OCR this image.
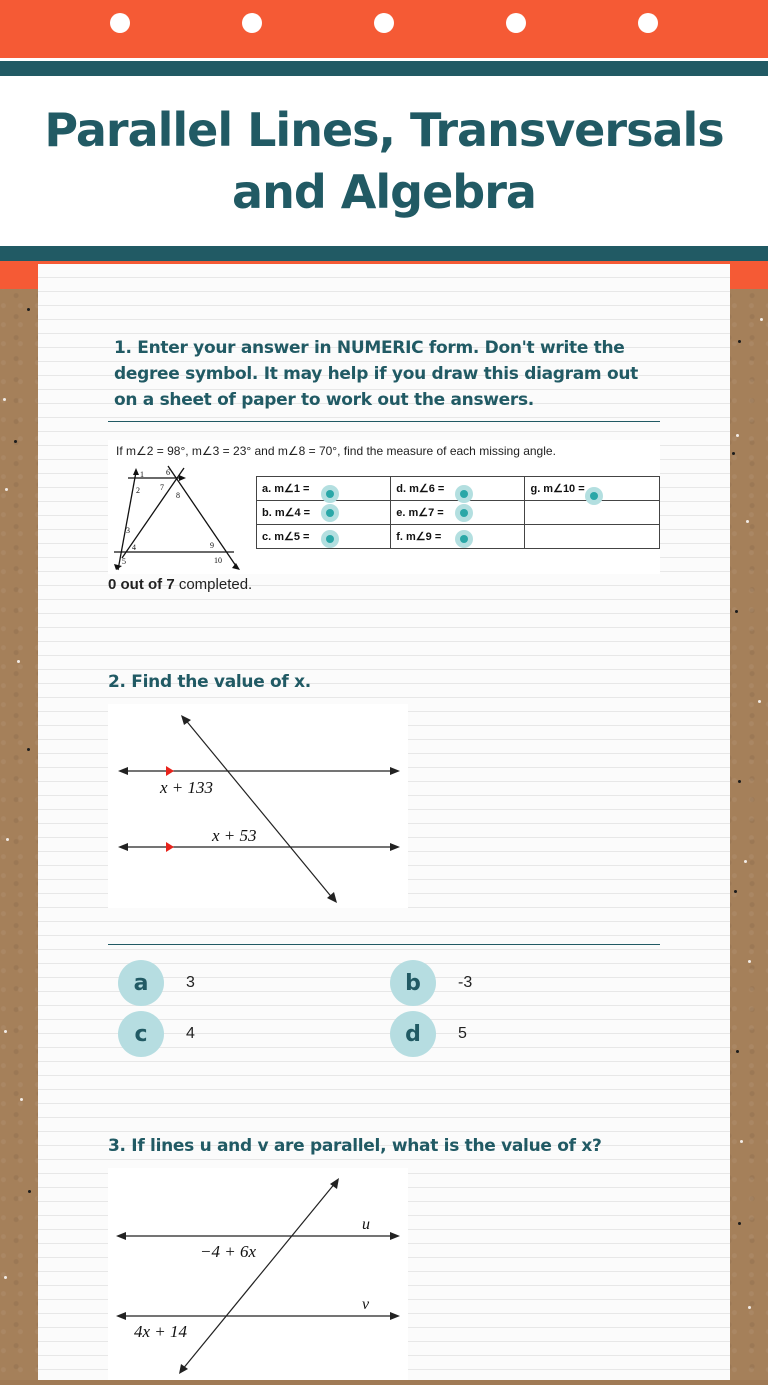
Parallel Lines, Transversals and Algebra
1. Enter your answer in NUMERIC form. Don't write the degree symbol. It may help if you draw this diagram out on a sheet of paper to work out the answers.
If m∠2 = 98°, m∠3 = 23° and m∠8 = 70°, find the measure of each missing angle.
1
2
6
7
8
3
4	9
5	10
a. m∠1 =	d. m∠6 =	g. m∠10 =

b. m∠4 =	e. m∠7 =

c. m∠5 =	f. m∠9 =

0 out of 7 completed.
2. Find the value of x.
x + 133
x + 53
a	3	b	-3
c	4	d	5
3. If lines u and v are parallel, what is the value of x?
u
v
−4 + 6x
4x + 14
